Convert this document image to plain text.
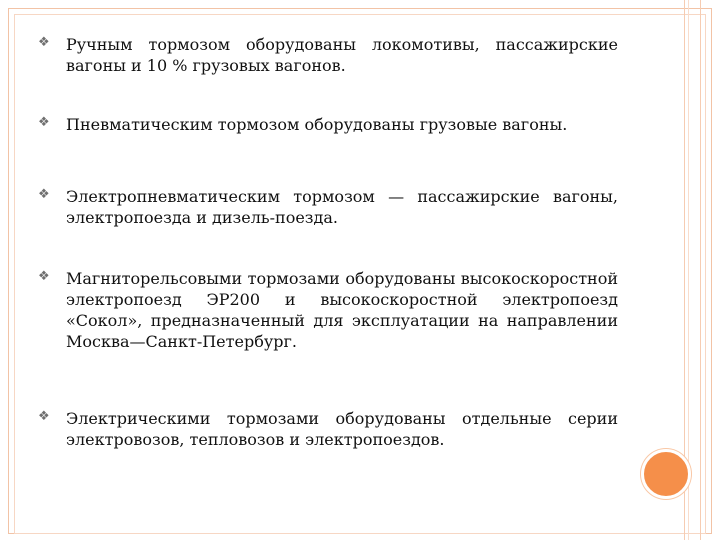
❖ Ручным тормозом оборудованы локомотивы, пассажирские вагоны и 10 % грузовых вагонов.
❖ Пневматическим тормозом оборудованы грузовые вагоны.
❖ Электропневматическим тормозом — пассажирские вагоны, электропоезда и дизель-поезда.
❖ Магниторельсовыми тормозами оборудованы высокоскоростной электропоезд ЭР200 и высокоскоростной электропоезд «Сокол», предназначенный для эксплуатации на направлении Москва—Санкт-Петербург.
❖ Электрическими тормозами оборудованы отдельные серии электровозов, тепловозов и электропоездов.
